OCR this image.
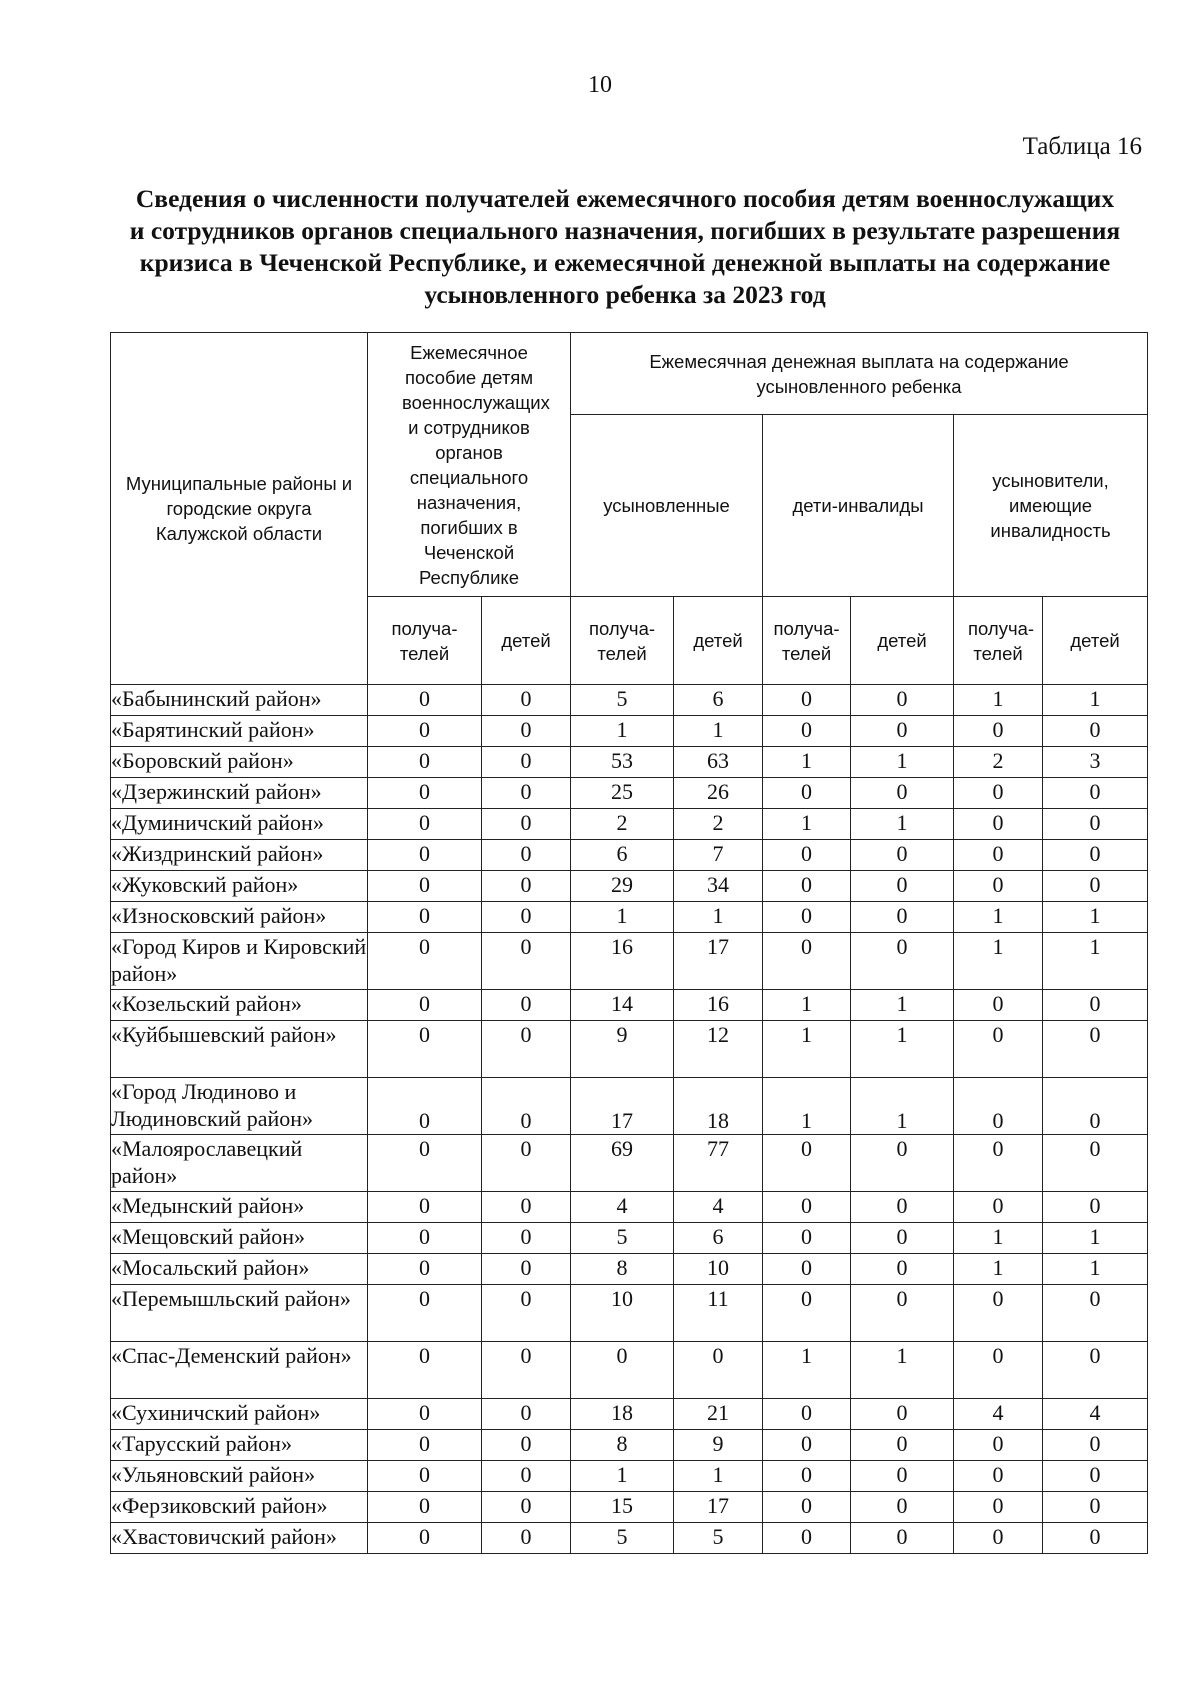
10
Таблица 16
Сведения о численности получателей ежемесячного пособия детям военнослужащих
и сотрудников органов специального назначения, погибших в результате разрешения
кризиса в Чеченской Республике, и ежемесячной денежной выплаты на содержание
усыновленного ребенка за 2023 год
Муниципальные районы и городские округа Калужской области	Ежемесячное пособие детям военнослужащих и сотрудников органов специального назначения, погибших в Чеченской Республике		Ежемесячная денежная выплата на содержание усыновленного ребенка					
			усыновленные		дети-инвалиды		усыновители, имеющие инвалидность	
	получа-телей	детей	получа-телей	детей	получа-телей	детей	получа-телей	детей
«Бабынинский район»	0	0	5	6	0	0	1	1
«Барятинский район»	0	0	1	1	0	0	0	0
«Боровский район»	0	0	53	63	1	1	2	3
«Дзержинский район»	0	0	25	26	0	0	0	0
«Думиничский район»	0	0	2	2	1	1	0	0
«Жиздринский район»	0	0	6	7	0	0	0	0
«Жуковский район»	0	0	29	34	0	0	0	0
«Износковский район»	0	0	1	1	0	0	1	1
«Город Киров и Кировский район»	0	0	16	17	0	0	1	1
«Козельский район»	0	0	14	16	1	1	0	0
«Куйбышевский район»	0	0	9	12	1	1	0	0
«Город Людиново и Людиновский район»	0	0	17	18	1	1	0	0
«Малоярославецкий район»	0	0	69	77	0	0	0	0
«Медынский район»	0	0	4	4	0	0	0	0
«Мещовский район»	0	0	5	6	0	0	1	1
«Мосальский район»	0	0	8	10	0	0	1	1
«Перемышльский район»	0	0	10	11	0	0	0	0
«Спас-Деменский район»	0	0	0	0	1	1	0	0
«Сухиничский район»	0	0	18	21	0	0	4	4
«Тарусский район»	0	0	8	9	0	0	0	0
«Ульяновский район»	0	0	1	1	0	0	0	0
«Ферзиковский район»	0	0	15	17	0	0	0	0
«Хвастовичский район»	0	0	5	5	0	0	0	0
